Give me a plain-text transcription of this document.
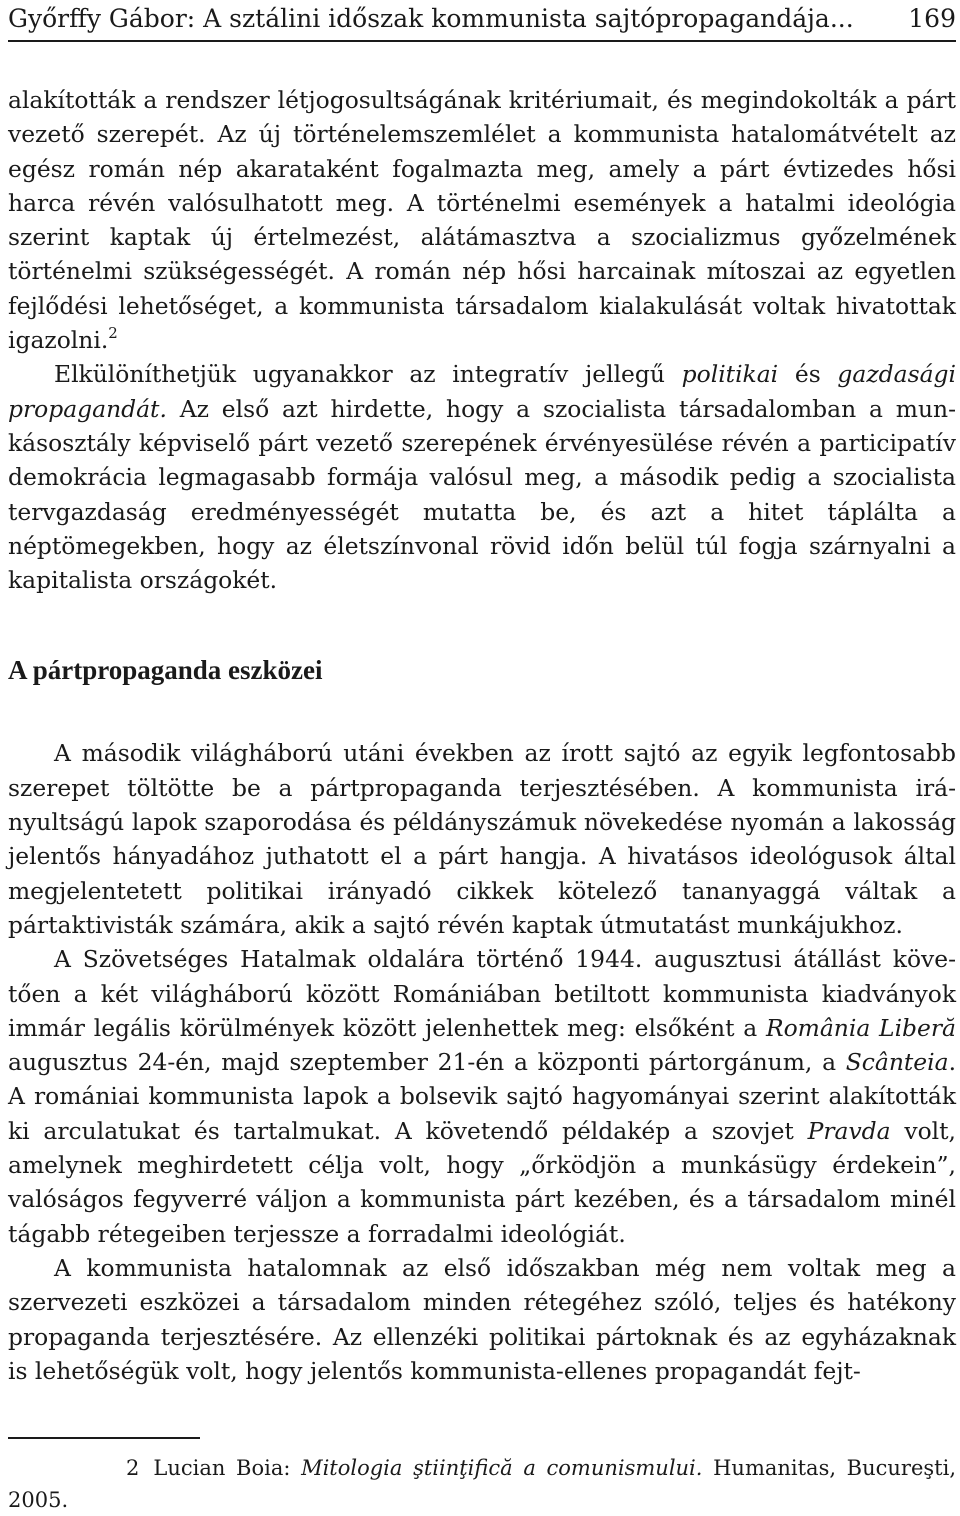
Győrffy Gábor: A sztálini időszak kommunista sajtópropagandája... 169

alakították a rendszer létjogosultságának kritériumait, és megindokolták a párt vezető szerepét. Az új történelemszemlélet a kommunista hatalomátvételt az egész román nép akarataként fogalmazta meg, amely a párt évtizedes hősi harca révén valósulhatott meg. A történelmi események a hatalmi ideológia szerint kaptak új értelmezést, alátámasztva a szocializmus győzelmének történelmi szükségességét. A román nép hősi harcainak mítoszai az egyetlen fejlődési lehetőséget, a kommunista társadalom kialakulását voltak hivatottak igazolni.$^2$

Elkülöníthetjük ugyanakkor az integratív jellegű politikai és gazdasági propagandát. Az első azt hirdette, hogy a szocialista társadalomban a munkásosztály képviselő párt vezető szerepének érvényesülése révén a participatív demokrácia legmagasabb formája valósul meg, a második pedig a szocialista tervgazdaság eredményességét mutatta be, és azt a hitet táplálta a néptömegekben, hogy az életszínvonal rövid időn belül túl fogja szárnyalni a kapitalista országokét.

A pártpropaganda eszközei

A második világháború utáni években az írott sajtó az egyik legfontosabb szerepet töltötte be a pártpropaganda terjesztésében. A kommunista irányultságú lapok szaporodása és példányszámuk növekedése nyomán a lakosság jelentős hányadához juthatott el a párt hangja. A hivatásos ideológusok által megjelentetett politikai irányadó cikkek kötelező tananyaggá váltak a pártaktivisták számára, akik a sajtó révén kaptak útmutatást munkájukhoz.

A Szövetséges Hatalmak oldalára történő 1944. augusztusi átállást követően a két világháború között Romániában betiltott kommunista kiadványok immár legális körülmények között jelenhettek meg: elsőként a România Liberă augusztus 24-én, majd szeptember 21-én a központi pártorgánum, a Scânteia. A romániai kommunista lapok a bolsevik sajtó hagyományai szerint alakították ki arculatukat és tartalmukat. A követendő példakép a szovjet Pravda volt, amelynek meghirdetett célja volt, hogy „őrködjön a munkásügy érdekein”, valóságos fegyverré váljon a kommunista párt kezében, és a társadalom minél tágabb rétegeiben terjessze a forradalmi ideológiát.

A kommunista hatalomnak az első időszakban még nem voltak meg a szervezeti eszközei a társadalom minden rétegéhez szóló, teljes és hatékony propaganda terjesztésére. Az ellenzéki politikai pártoknak és az egyházaknak is lehetőségük volt, hogy jelentős kommunista-ellenes propagandát fejt-

2 Lucian Boia: Mitologia ştiinţifică a comunismului. Humanitas, Bucureşti, 2005.
